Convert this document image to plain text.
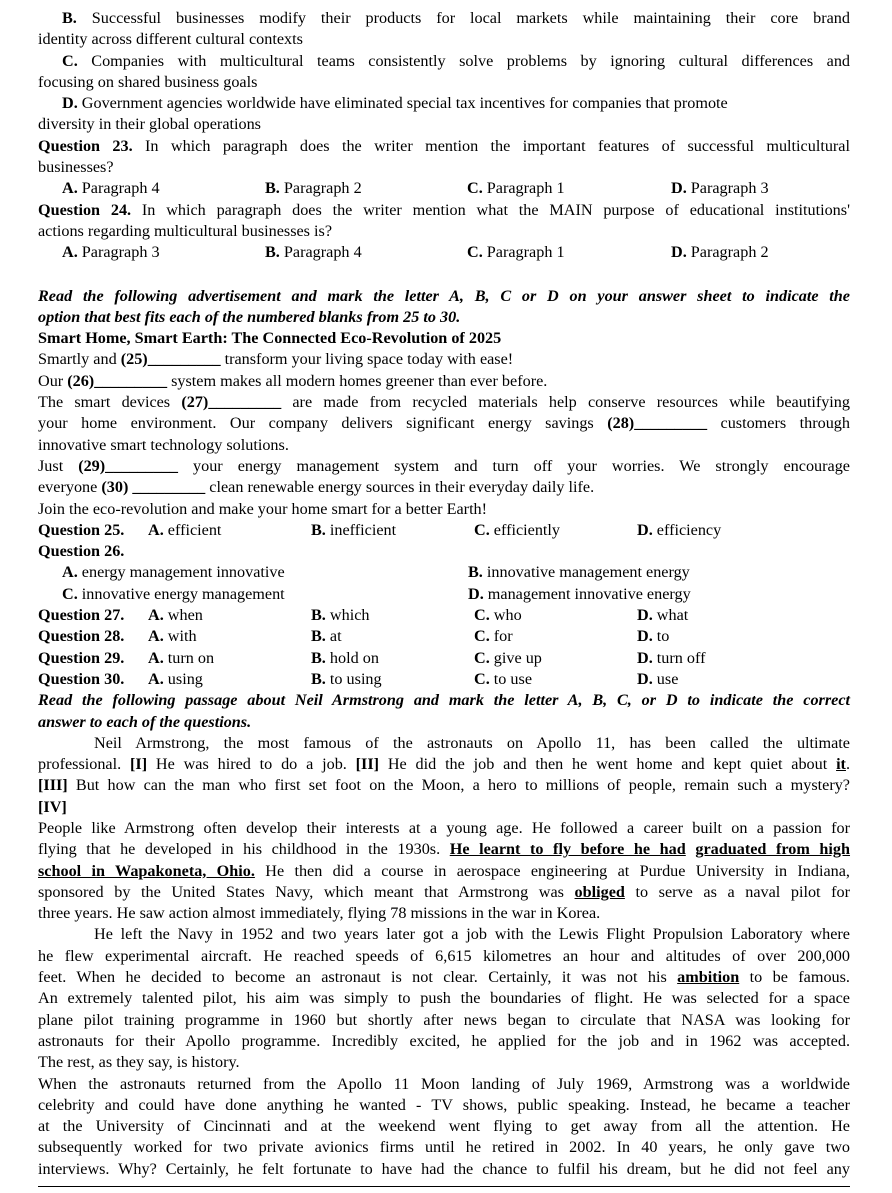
B. Successful businesses modify their products for local markets while maintaining their core brand
identity across different cultural contexts
C. Companies with multicultural teams consistently solve problems by ignoring cultural differences and
focusing on shared business goals
D. Government agencies worldwide have eliminated special tax incentives for companies that promote
diversity in their global operations
Question 23. In which paragraph does the writer mention the important features of successful multicultural
businesses?
A. Paragraph 4	B. Paragraph 2	C. Paragraph 1	D. Paragraph 3
Question 24. In which paragraph does the writer mention what the MAIN purpose of educational institutions'
actions regarding multicultural businesses is?
A. Paragraph 3	B. Paragraph 4	C. Paragraph 1	D. Paragraph 2
Read the following advertisement and mark the letter A, B, C or D on your answer sheet to indicate the
option that best fits each of the numbered blanks from 25 to 30.
Smart Home, Smart Earth: The Connected Eco-Revolution of 2025
Smartly and (25)_________ transform your living space today with ease!
Our (26)_________ system makes all modern homes greener than ever before.
The smart devices (27)_________ are made from recycled materials help conserve resources while beautifying
your home environment. Our company delivers significant energy savings (28)_________ customers through
innovative smart technology solutions.
Just (29)_________ your energy management system and turn off your worries. We strongly encourage
everyone (30) _________ clean renewable energy sources in their everyday daily life.
Join the eco-revolution and make your home smart for a better Earth!
Question 25.	A. efficient	B. inefficient	C. efficiently	D. efficiency
Question 26.
A. energy management innovative	B. innovative management energy
C. innovative energy management	D. management innovative energy
Question 27.	A. when	B. which	C. who	D. what
Question 28.	A. with	B. at	C. for	D. to
Question 29.	A. turn on	B. hold on	C. give up	D. turn off
Question 30.	A. using	B. to using	C. to use	D. use
Read the following passage about Neil Armstrong and mark the letter A, B, C, or D to indicate the correct
answer to each of the questions.
Neil Armstrong, the most famous of the astronauts on Apollo 11, has been called the ultimate
professional. [I] He was hired to do a job. [II] He did the job and then he went home and kept quiet about it.
[III] But how can the man who first set foot on the Moon, a hero to millions of people, remain such a mystery?
[IV]
People like Armstrong often develop their interests at a young age. He followed a career built on a passion for
flying that he developed in his childhood in the 1930s. He learnt to fly before he had graduated from high
school in Wapakoneta, Ohio. He then did a course in aerospace engineering at Purdue University in Indiana,
sponsored by the United States Navy, which meant that Armstrong was obliged to serve as a naval pilot for
three years. He saw action almost immediately, flying 78 missions in the war in Korea.
He left the Navy in 1952 and two years later got a job with the Lewis Flight Propulsion Laboratory where
he flew experimental aircraft. He reached speeds of 6,615 kilometres an hour and altitudes of over 200,000
feet. When he decided to become an astronaut is not clear. Certainly, it was not his ambition to be famous.
An extremely talented pilot, his aim was simply to push the boundaries of flight. He was selected for a space
plane pilot training programme in 1960 but shortly after news began to circulate that NASA was looking for
astronauts for their Apollo programme. Incredibly excited, he applied for the job and in 1962 was accepted.
The rest, as they say, is history.
When the astronauts returned from the Apollo 11 Moon landing of July 1969, Armstrong was a worldwide
celebrity and could have done anything he wanted - TV shows, public speaking. Instead, he became a teacher
at the University of Cincinnati and at the weekend went flying to get away from all the attention. He
subsequently worked for two private avionics firms until he retired in 2002. In 40 years, he only gave two
interviews. Why? Certainly, he felt fortunate to have had the chance to fulfil his dream, but he did not feel any
